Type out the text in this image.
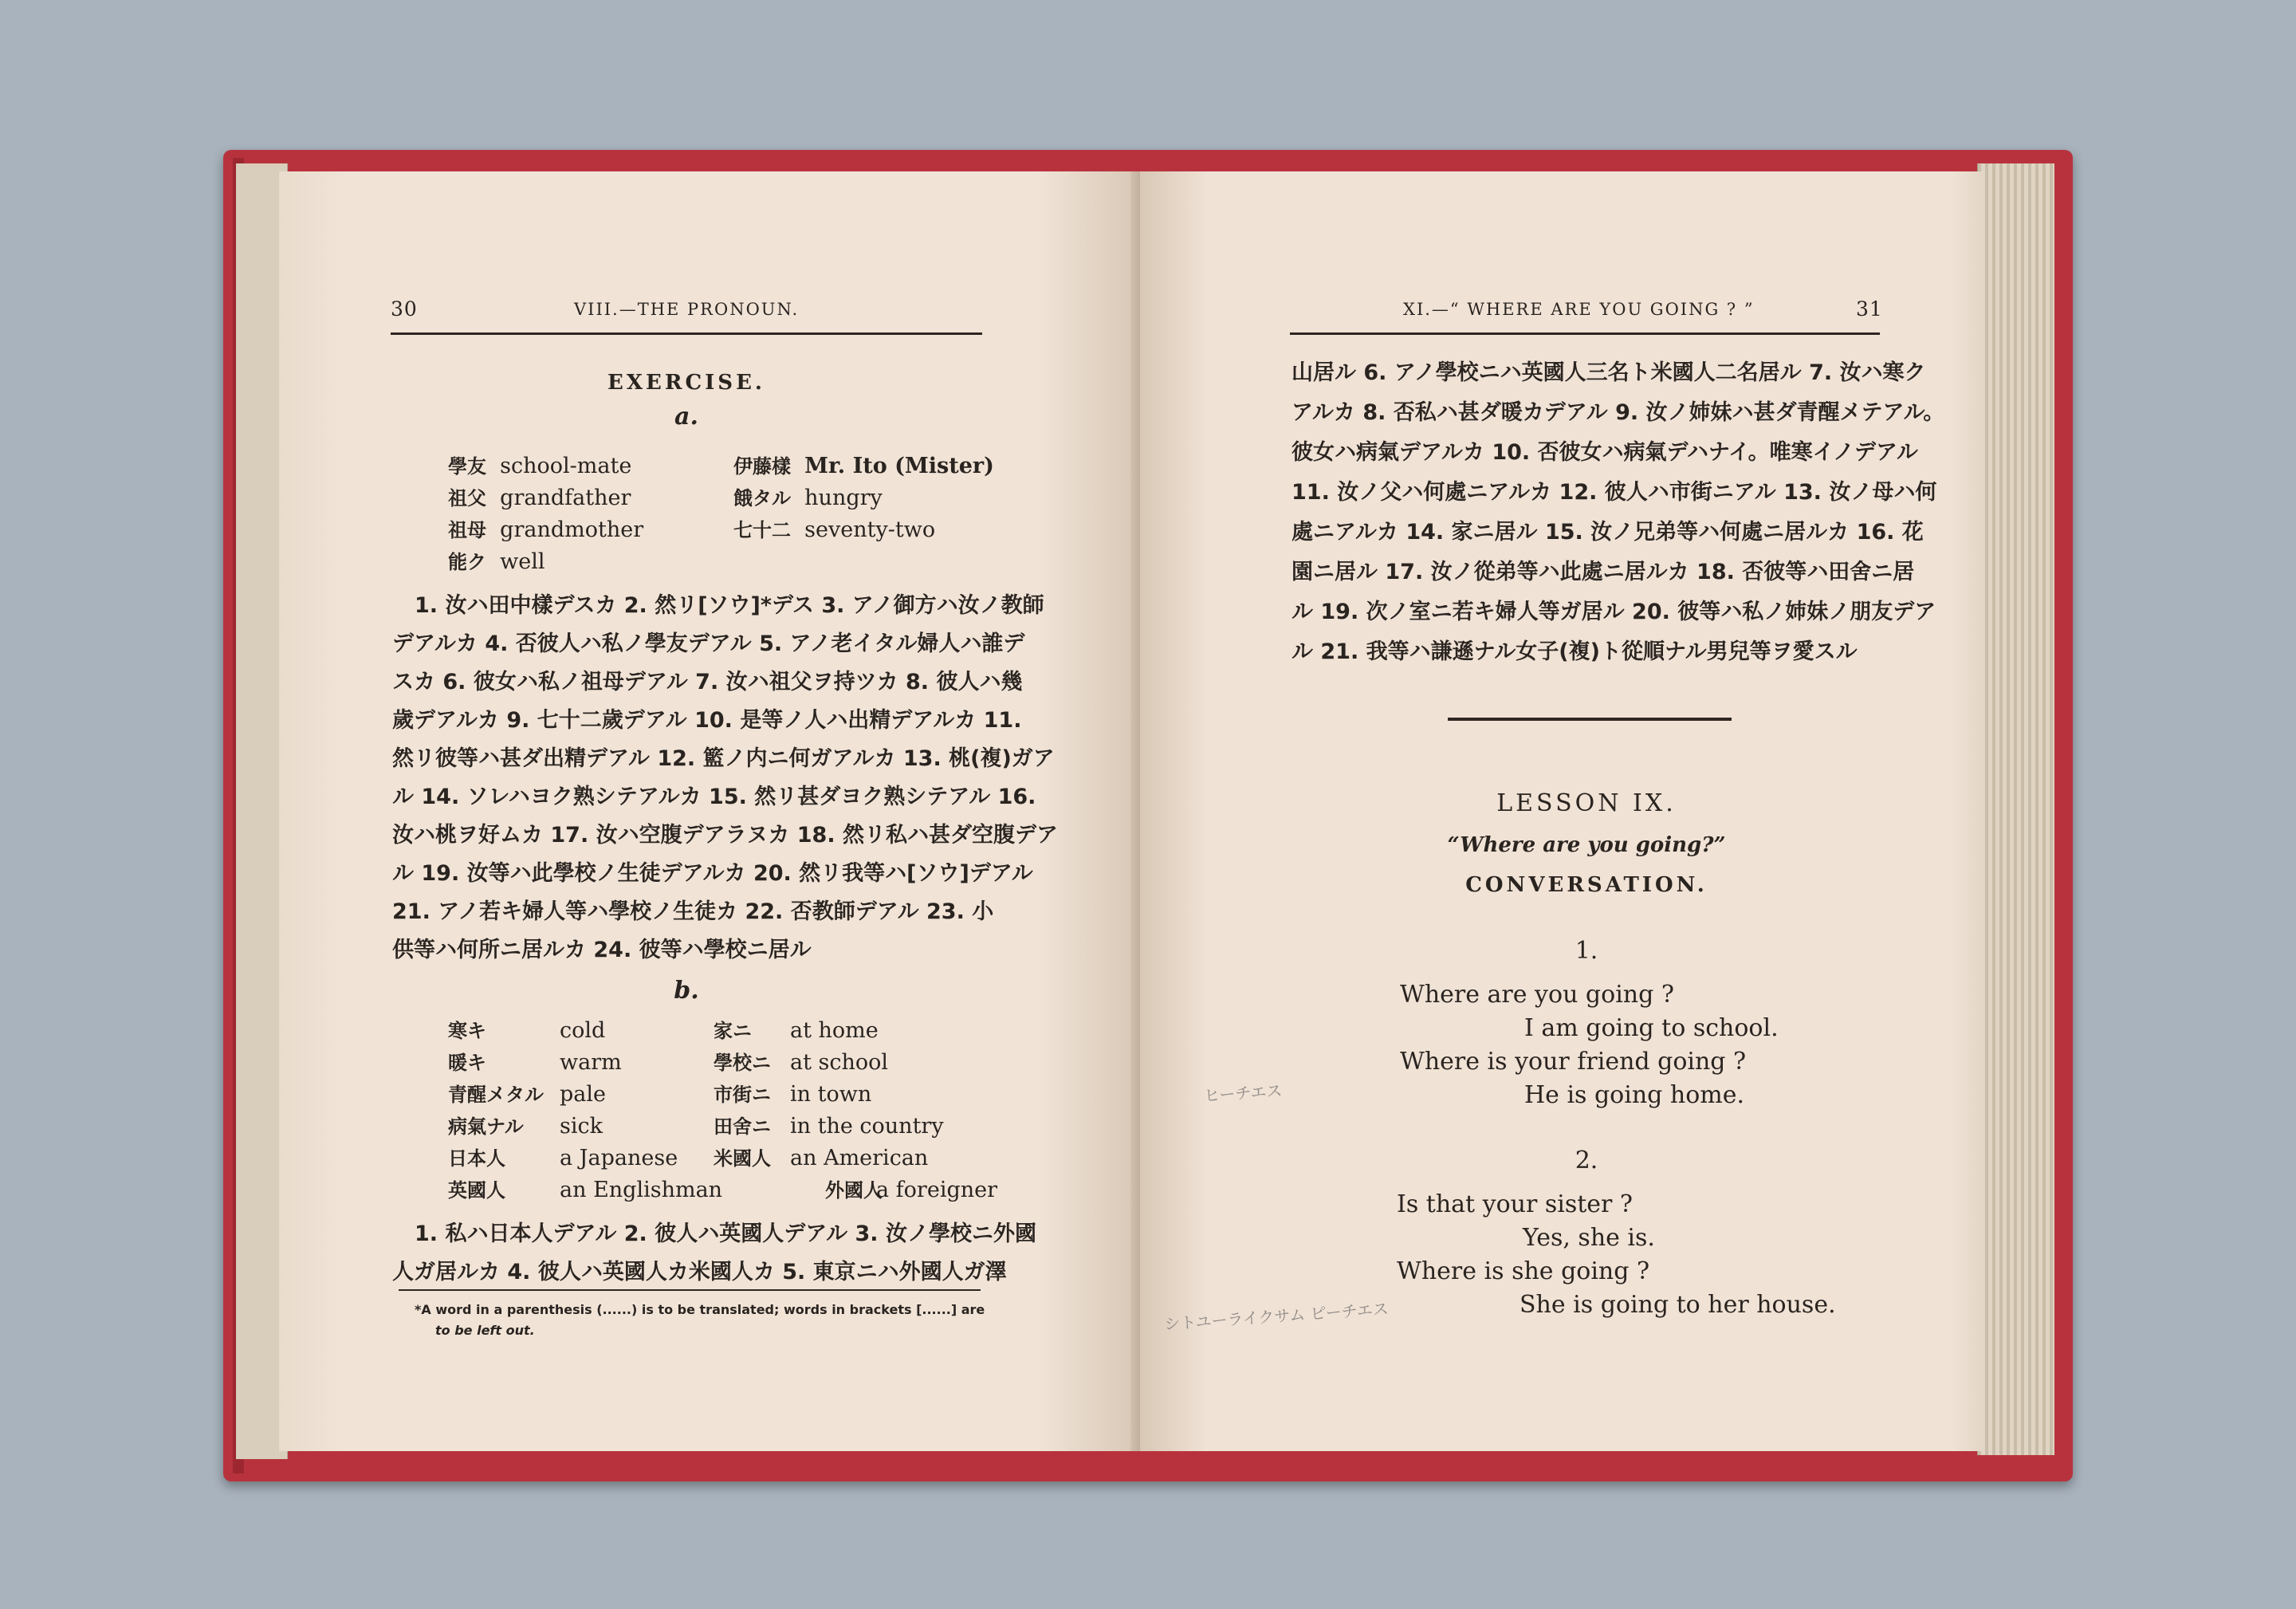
30	VIII.—THE PRONOUN.
EXERCISE.
a.
學友 school-mate	伊藤樣 Mr. Ito (Mister)
祖父 grandfather	餓タル hungry
祖母 grandmother	七十二 seventy-two
能ク well
1. 汝ハ田中樣デスカ 2. 然リ[ソウ]*デス 3. アノ御方ハ汝ノ教師
デアルカ 4. 否彼人ハ私ノ學友デアル 5. アノ老イタル婦人ハ誰デ
スカ 6. 彼女ハ私ノ祖母デアル 7. 汝ハ祖父ヲ持ツカ 8. 彼人ハ幾
歲デアルカ 9. 七十二歲デアル 10. 是等ノ人ハ出精デアルカ 11.
然リ彼等ハ甚ダ出精デアル 12. 籃ノ内ニ何ガアルカ 13. 桃(複)ガア
ル 14. ソレハヨク熟シテアルカ 15. 然リ甚ダヨク熟シテアル 16.
汝ハ桃ヲ好ムカ 17. 汝ハ空腹デアラヌカ 18. 然リ私ハ甚ダ空腹デア
ル 19. 汝等ハ此學校ノ生徒デアルカ 20. 然リ我等ハ[ソウ]デアル
21. アノ若キ婦人等ハ學校ノ生徒カ 22. 否教師デアル 23. 小
供等ハ何所ニ居ルカ 24. 彼等ハ學校ニ居ル
b.
寒キ	cold	家ニ at home
暖キ	warm	學校ニ at school
青醒メタル pale	市街ニ in town
病氣ナル sick	田舍ニ in the country
日本人	a Japanese 米國人 an American
英國人	an Englishman	外國人a foreigner
1. 私ハ日本人デアル 2. 彼人ハ英國人デアル 3. 汝ノ學校ニ外國
人ガ居ルカ 4. 彼人ハ英國人カ米國人カ 5. 東京ニハ外國人ガ澤
*A word in a parenthesis (......) is to be translated; words in brackets [......] are
to be left out.
XI.—“ WHERE ARE YOU GOING ? ”	31
山居ル 6. アノ學校ニハ英國人三名ト米國人二名居ル 7. 汝ハ寒ク
アルカ 8. 否私ハ甚ダ暖カデアル 9. 汝ノ姉妹ハ甚ダ青醒メテアル。
彼女ハ病氣デアルカ 10. 否彼女ハ病氣デハナイ。唯寒イノデアル
11. 汝ノ父ハ何處ニアルカ 12. 彼人ハ市街ニアル 13. 汝ノ母ハ何
處ニアルカ 14. 家ニ居ル 15. 汝ノ兄弟等ハ何處ニ居ルカ 16. 花
園ニ居ル 17. 汝ノ從弟等ハ此處ニ居ルカ 18. 否彼等ハ田舍ニ居
ル 19. 次ノ室ニ若キ婦人等ガ居ル 20. 彼等ハ私ノ姉妹ノ朋友デア
ル 21. 我等ハ謙遜ナル女子(複)ト從順ナル男兒等ヲ愛スル
LESSON IX.
“Where are you going?”
CONVERSATION.
1.
Where are you going ?
I am going to school.
Where is your friend going ?
He is going home.
ヒーチエス
シトユーライクサム ピーチエス
2.
Is that your sister ?
Yes, she is.
Where is she going ?
She is going to her house.
